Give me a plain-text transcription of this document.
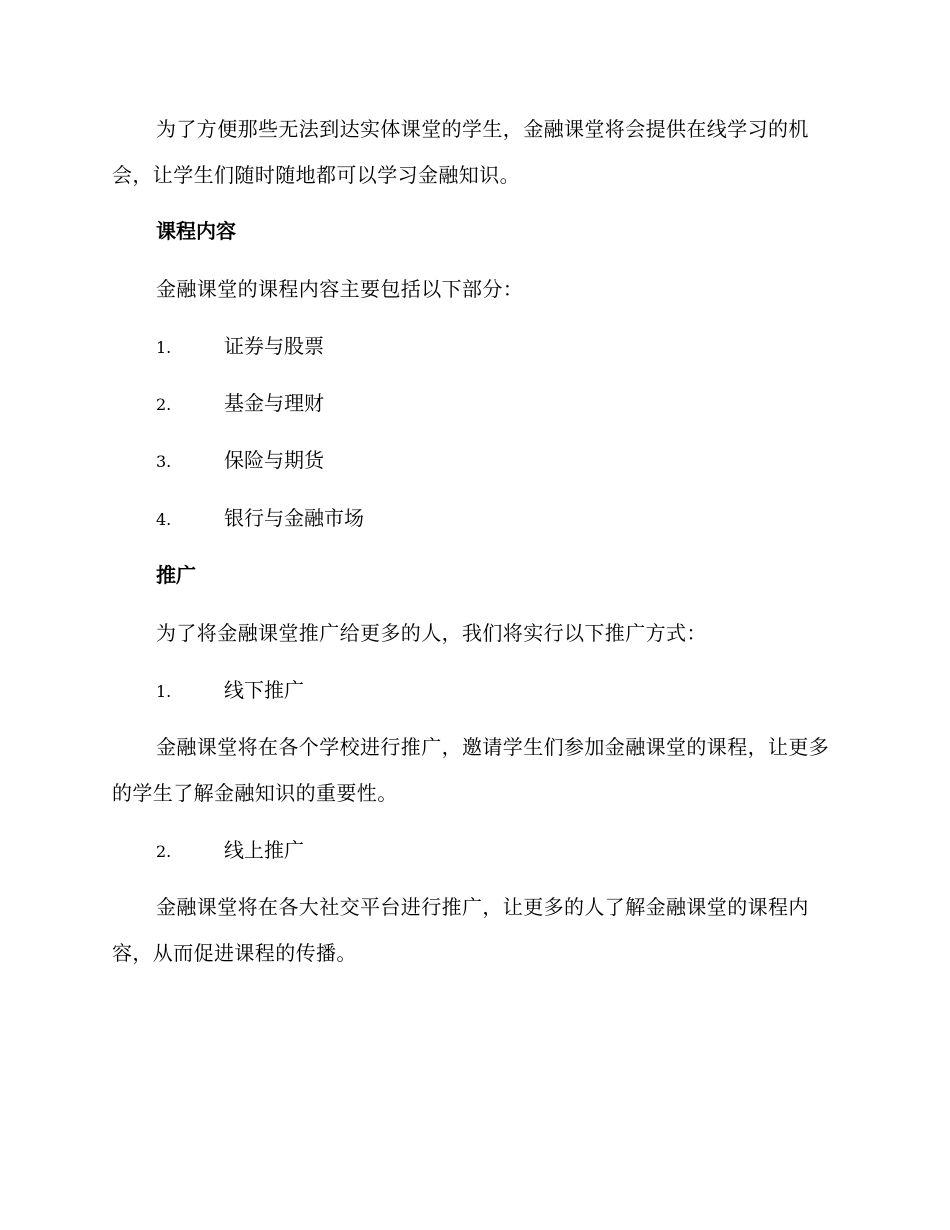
为了方便那些无法到达实体课堂的学生，金融课堂将会提供在线学习的机会，让学生们随时随地都可以学习金融知识。

课程内容

金融课堂的课程内容主要包括以下部分：

1.	证券与股票
2.	基金与理财
3.	保险与期货
4.	银行与金融市场
推广

为了将金融课堂推广给更多的人，我们将实行以下推广方式：

1.	线下推广

金融课堂将在各个学校进行推广，邀请学生们参加金融课堂的课程，让更多的学生了解金融知识的重要性。

2.	线上推广

金融课堂将在各大社交平台进行推广，让更多的人了解金融课堂的课程内容，从而促进课程的传播。
